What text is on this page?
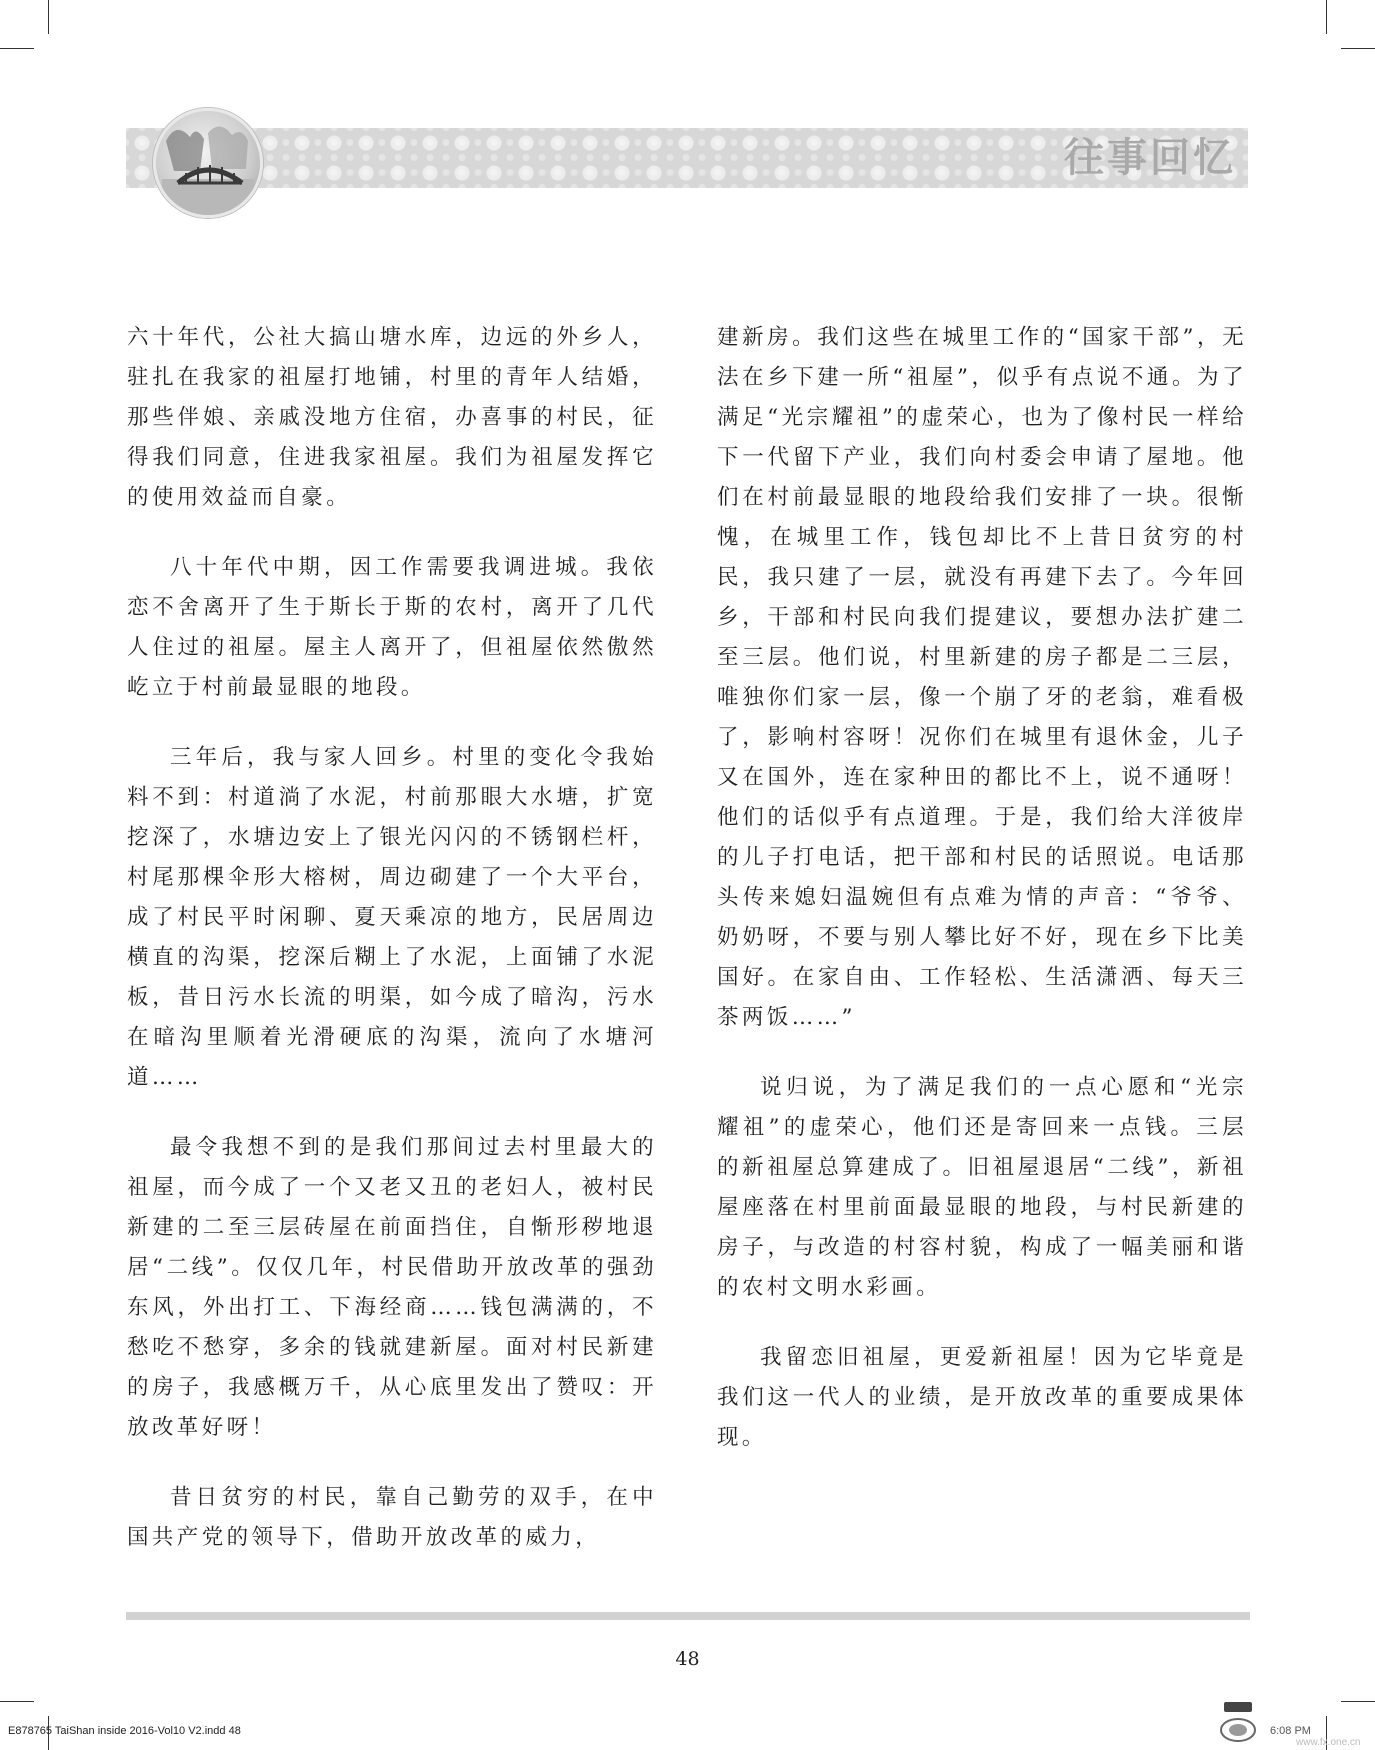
往事回忆

六十年代，公社大搞山塘水库，边远的外乡人，驻扎在我家的祖屋打地铺，村里的青年人结婚，那些伴娘、亲戚没地方住宿，办喜事的村民，征得我们同意，住进我家祖屋。我们为祖屋发挥它的使用效益而自豪。

八十年代中期，因工作需要我调进城。我依恋不舍离开了生于斯长于斯的农村，离开了几代人住过的祖屋。屋主人离开了，但祖屋依然傲然屹立于村前最显眼的地段。

三年后，我与家人回乡。村里的变化令我始料不到：村道淌了水泥，村前那眼大水塘，扩宽挖深了，水塘边安上了银光闪闪的不锈钢栏杆，村尾那棵伞形大榕树，周边砌建了一个大平台，成了村民平时闲聊、夏天乘凉的地方，民居周边横直的沟渠，挖深后糊上了水泥，上面铺了水泥板，昔日污水长流的明渠，如今成了暗沟，污水在暗沟里顺着光滑硬底的沟渠，流向了水塘河道……

最令我想不到的是我们那间过去村里最大的祖屋，而今成了一个又老又丑的老妇人，被村民新建的二至三层砖屋在前面挡住，自惭形秽地退居“二线”。仅仅几年，村民借助开放改革的强劲东风，外出打工、下海经商……钱包满满的，不愁吃不愁穿，多余的钱就建新屋。面对村民新建的房子，我感概万千，从心底里发出了赞叹：开放改革好呀！

昔日贫穷的村民，靠自己勤劳的双手，在中国共产党的领导下，借助开放改革的威力，

建新房。我们这些在城里工作的“国家干部”，无法在乡下建一所“祖屋”，似乎有点说不通。为了满足“光宗耀祖”的虚荣心，也为了像村民一样给下一代留下产业，我们向村委会申请了屋地。他们在村前最显眼的地段给我们安排了一块。很惭愧，在城里工作，钱包却比不上昔日贫穷的村民，我只建了一层，就没有再建下去了。今年回乡，干部和村民向我们提建议，要想办法扩建二至三层。他们说，村里新建的房子都是二三层，唯独你们家一层，像一个崩了牙的老翁，难看极了，影响村容呀！况你们在城里有退休金，儿子又在国外，连在家种田的都比不上，说不通呀！他们的话似乎有点道理。于是，我们给大洋彼岸的儿子打电话，把干部和村民的话照说。电话那头传来媳妇温婉但有点难为情的声音：“爷爷、奶奶呀，不要与别人攀比好不好，现在乡下比美国好。在家自由、工作轻松、生活潇洒、每天三茶两饭……”

说归说，为了满足我们的一点心愿和“光宗耀祖”的虚荣心，他们还是寄回来一点钱。三层的新祖屋总算建成了。旧祖屋退居“二线”，新祖屋座落在村里前面最显眼的地段，与村民新建的房子，与改造的村容村貌，构成了一幅美丽和谐的农村文明水彩画。

我留恋旧祖屋，更爱新祖屋！因为它毕竟是我们这一代人的业绩，是开放改革的重要成果体现。

48
E878765 TaiShan inside 2016-Vol10 V2.indd 48	6:08 PM
www.fx.one.cn
